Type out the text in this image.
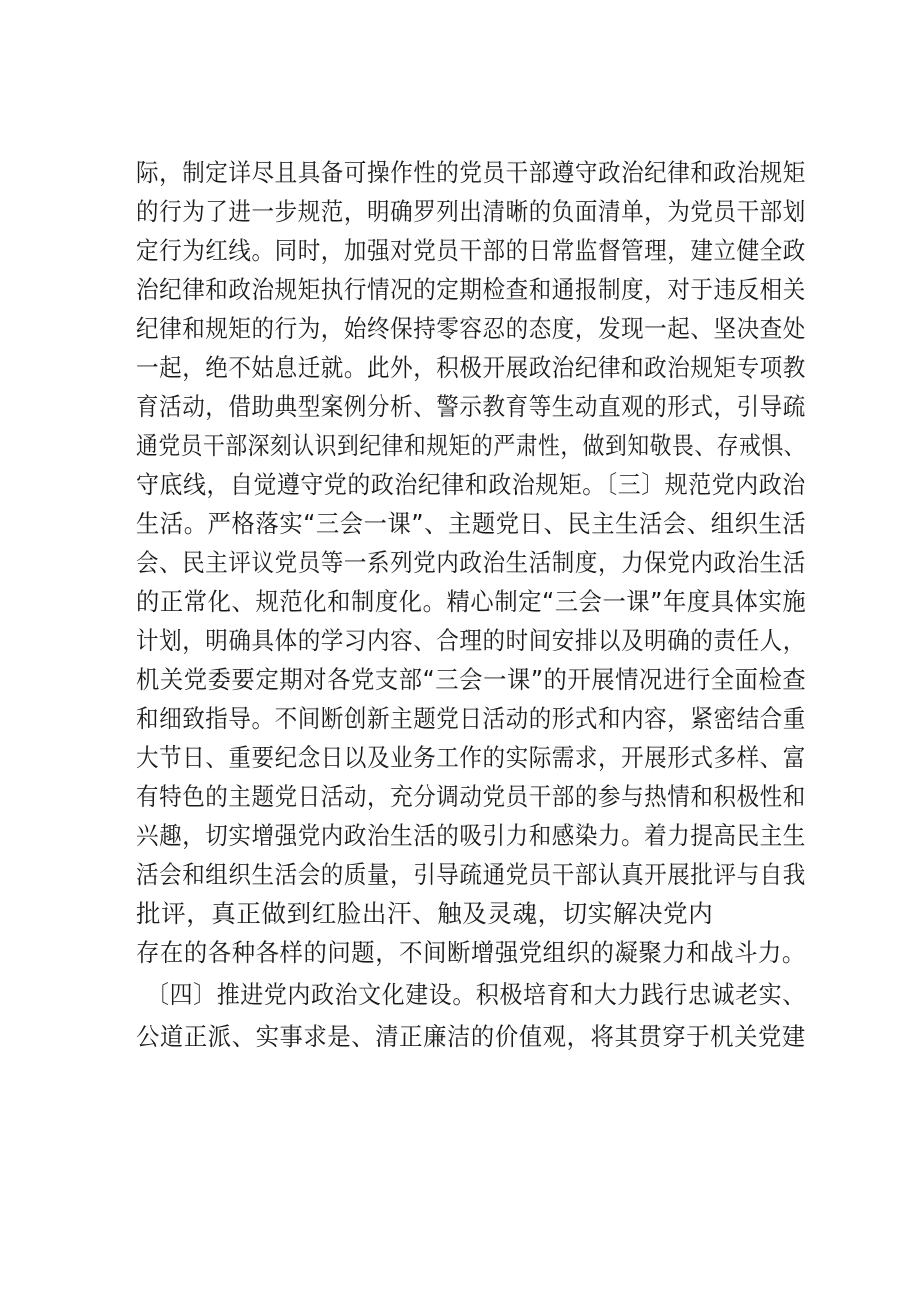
际，制定详尽且具备可操作性的党员干部遵守政治纪律和政治规矩
的行为了进一步规范，明确罗列出清晰的负面清单，为党员干部划
定行为红线。同时，加强对党员干部的日常监督管理，建立健全政
治纪律和政治规矩执行情况的定期检查和通报制度，对于违反相关
纪律和规矩的行为，始终保持零容忍的态度，发现一起、坚决查处
一起，绝不姑息迁就。此外，积极开展政治纪律和政治规矩专项教
育活动，借助典型案例分析、警示教育等生动直观的形式，引导疏
通党员干部深刻认识到纪律和规矩的严肃性，做到知敬畏、存戒惧、
守底线，自觉遵守党的政治纪律和政治规矩。〔三〕规范党内政治
生活。严格落实“三会一课”、主题党日、民主生活会、组织生活
会、民主评议党员等一系列党内政治生活制度，力保党内政治生活
的正常化、规范化和制度化。精心制定“三会一课”年度具体实施
计划，明确具体的学习内容、合理的时间安排以及明确的责任人，
机关党委要定期对各党支部“三会一课”的开展情况进行全面检查
和细致指导。不间断创新主题党日活动的形式和内容，紧密结合重
大节日、重要纪念日以及业务工作的实际需求，开展形式多样、富
有特色的主题党日活动，充分调动党员干部的参与热情和积极性和
兴趣，切实增强党内政治生活的吸引力和感染力。着力提高民主生
活会和组织生活会的质量，引导疏通党员干部认真开展批评与自我
批评，真正做到红脸出汗、触及灵魂，切实解决党内
存在的各种各样的问题，不间断增强党组织的凝聚力和战斗力。
〔四〕推进党内政治文化建设。积极培育和大力践行忠诚老实、
公道正派、实事求是、清正廉洁的价值观，将其贯穿于机关党建
